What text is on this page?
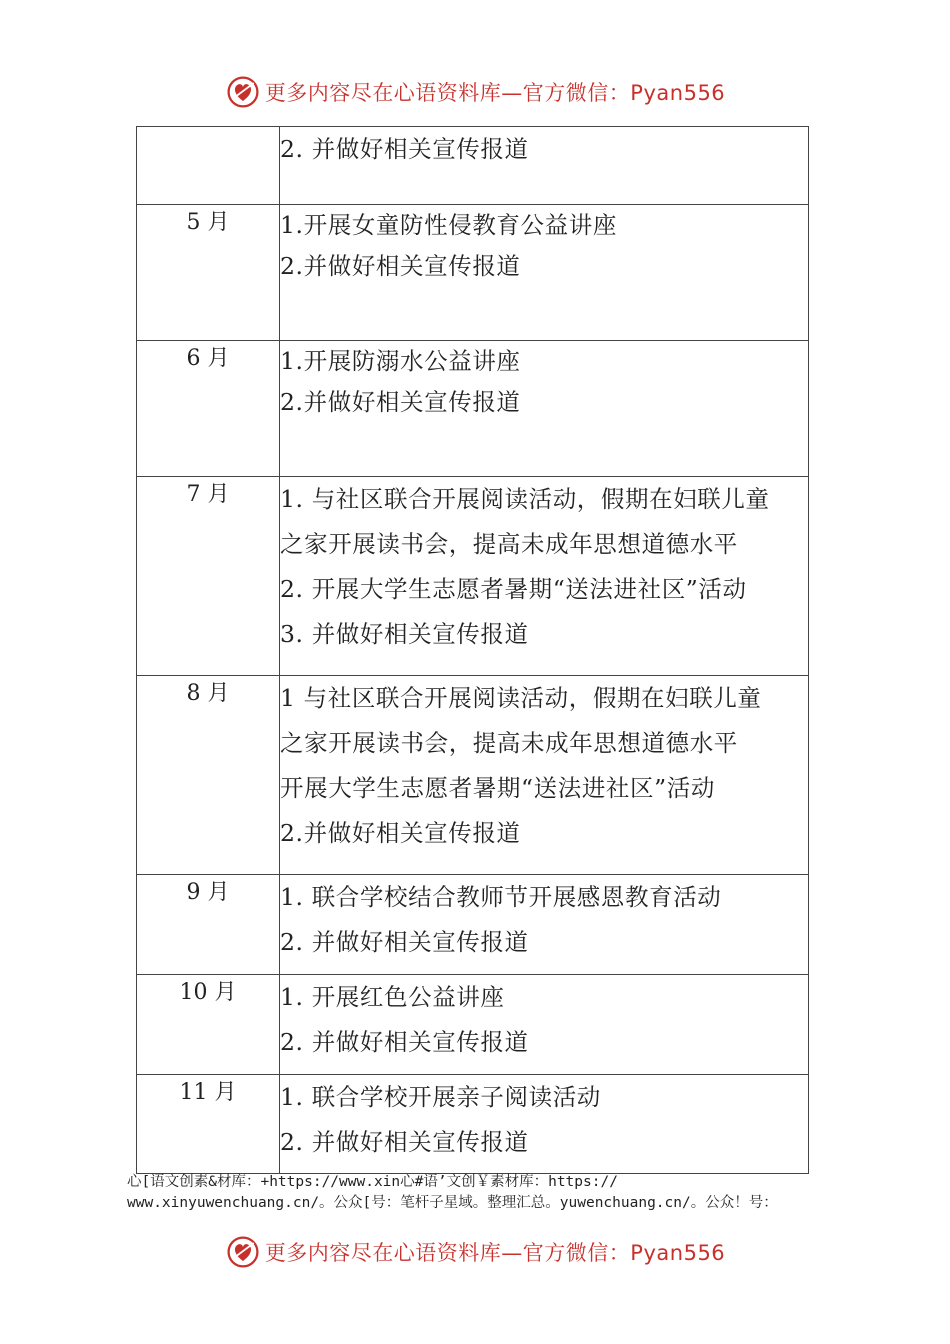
更多内容尽在心语资料库—官方微信：Pyan556

	2. 并做好相关宣传报道

5 月	1.开展女童防性侵教育公益讲座
2.并做好相关宣传报道

6 月	1.开展防溺水公益讲座
2.并做好相关宣传报道

7 月	1. 与社区联合开展阅读活动，假期在妇联儿童
之家开展读书会，提高未成年思想道德水平
2. 开展大学生志愿者暑期“送法进社区”活动
3. 并做好相关宣传报道

8 月	1 与社区联合开展阅读活动，假期在妇联儿童
之家开展读书会，提高未成年思想道德水平
开展大学生志愿者暑期“送法进社区”活动
2.并做好相关宣传报道

9 月	1. 联合学校结合教师节开展感恩教育活动
2. 并做好相关宣传报道

10 月	1. 开展红色公益讲座
2. 并做好相关宣传报道

11 月	1. 联合学校开展亲子阅读活动
2. 并做好相关宣传报道
心[语文创素&材库：+https://www.xin心#语’文创￥素材库：https://
www.xinyuwenchuang.cn/。公众[号：笔杆子星域。整理汇总。yuwenchuang.cn/。公众！号：
更多内容尽在心语资料库—官方微信：Pyan556
